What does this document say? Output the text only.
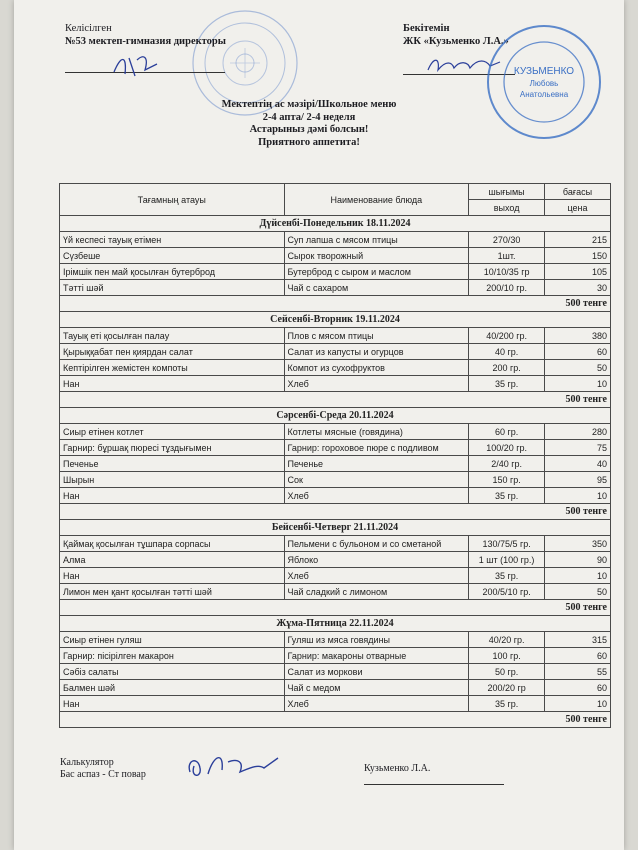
Келісілген
№53 мектеп-гимназия директоры
Бекітемін
ЖК «Кузьменко Л.А.»
КУЗЬМЕНКО
Любовь
Анатольевна
Мектептің ас мәзірі/Школьное меню
2-4 апта/ 2-4 неделя
Астарыныз дәмі болсын!
Приятного аппетита!
Тағамның атауы	Наименование блюда	шығымы	бағасы
		выход	цена
Дүйсенбі-Понедельник 18.11.2024			
Үй кеспесі тауық етімен	Суп лапша с мясом птицы	270/30	215
Сүзбеше	Сырок творожный	1шт.	150
Ірімшік пен май қосылған бутерброд	Бутерброд с сыром и маслом	10/10/35 гр	105
Тәтті шәй	Чай с сахаром	200/10 гр.	30
500 тенге			
Сейсенбі-Вторник 19.11.2024			
Тауық еті қосылған палау	Плов с мясом птицы	40/200 гр.	380
Қырыққабат пен қиярдан салат	Салат из капусты и огурцов	40 гр.	60
Кептірілген жемістен компоты	Компот из сухофруктов	200 гр.	50
Нан	Хлеб	35 гр.	10
500 тенге			
Сәрсенбі-Среда 20.11.2024			
Сиыр етінен котлет	Котлеты мясные (говядина)	60 гр.	280
Гарнир: бұршақ пюресі тұздығымен	Гарнир: гороховое пюре с подливом	100/20 гр.	75
Печенье	Печенье	2/40 гр.	40
Шырын	Сок	150 гр.	95
Нан	Хлеб	35 гр.	10
500 тенге			
Бейсенбі-Четверг 21.11.2024			
Қаймақ қосылған тұшпара сорпасы	Пельмени с бульоном и со сметаной	130/75/5 гр.	350
Алма	Яблоко	1 шт (100 гр.)	90
Нан	Хлеб	35 гр.	10
Лимон мен қант қосылған тәтті шәй	Чай сладкий с лимоном	200/5/10 гр.	50
500 тенге			
Жұма-Пятница 22.11.2024			
Сиыр етінен гуляш	Гуляш из мяса говядины	40/20 гр.	315
Гарнир: пісірілген макарон	Гарнир: макароны отварные	100 гр.	60
Сәбіз салаты	Салат из моркови	50 гр.	55
Балмен шәй	Чай с медом	200/20 гр	60
Нан	Хлеб	35 гр.	10
500 тенге			
Калькулятор
Бас аспаз - Ст повар
Кузьменко Л.А.
